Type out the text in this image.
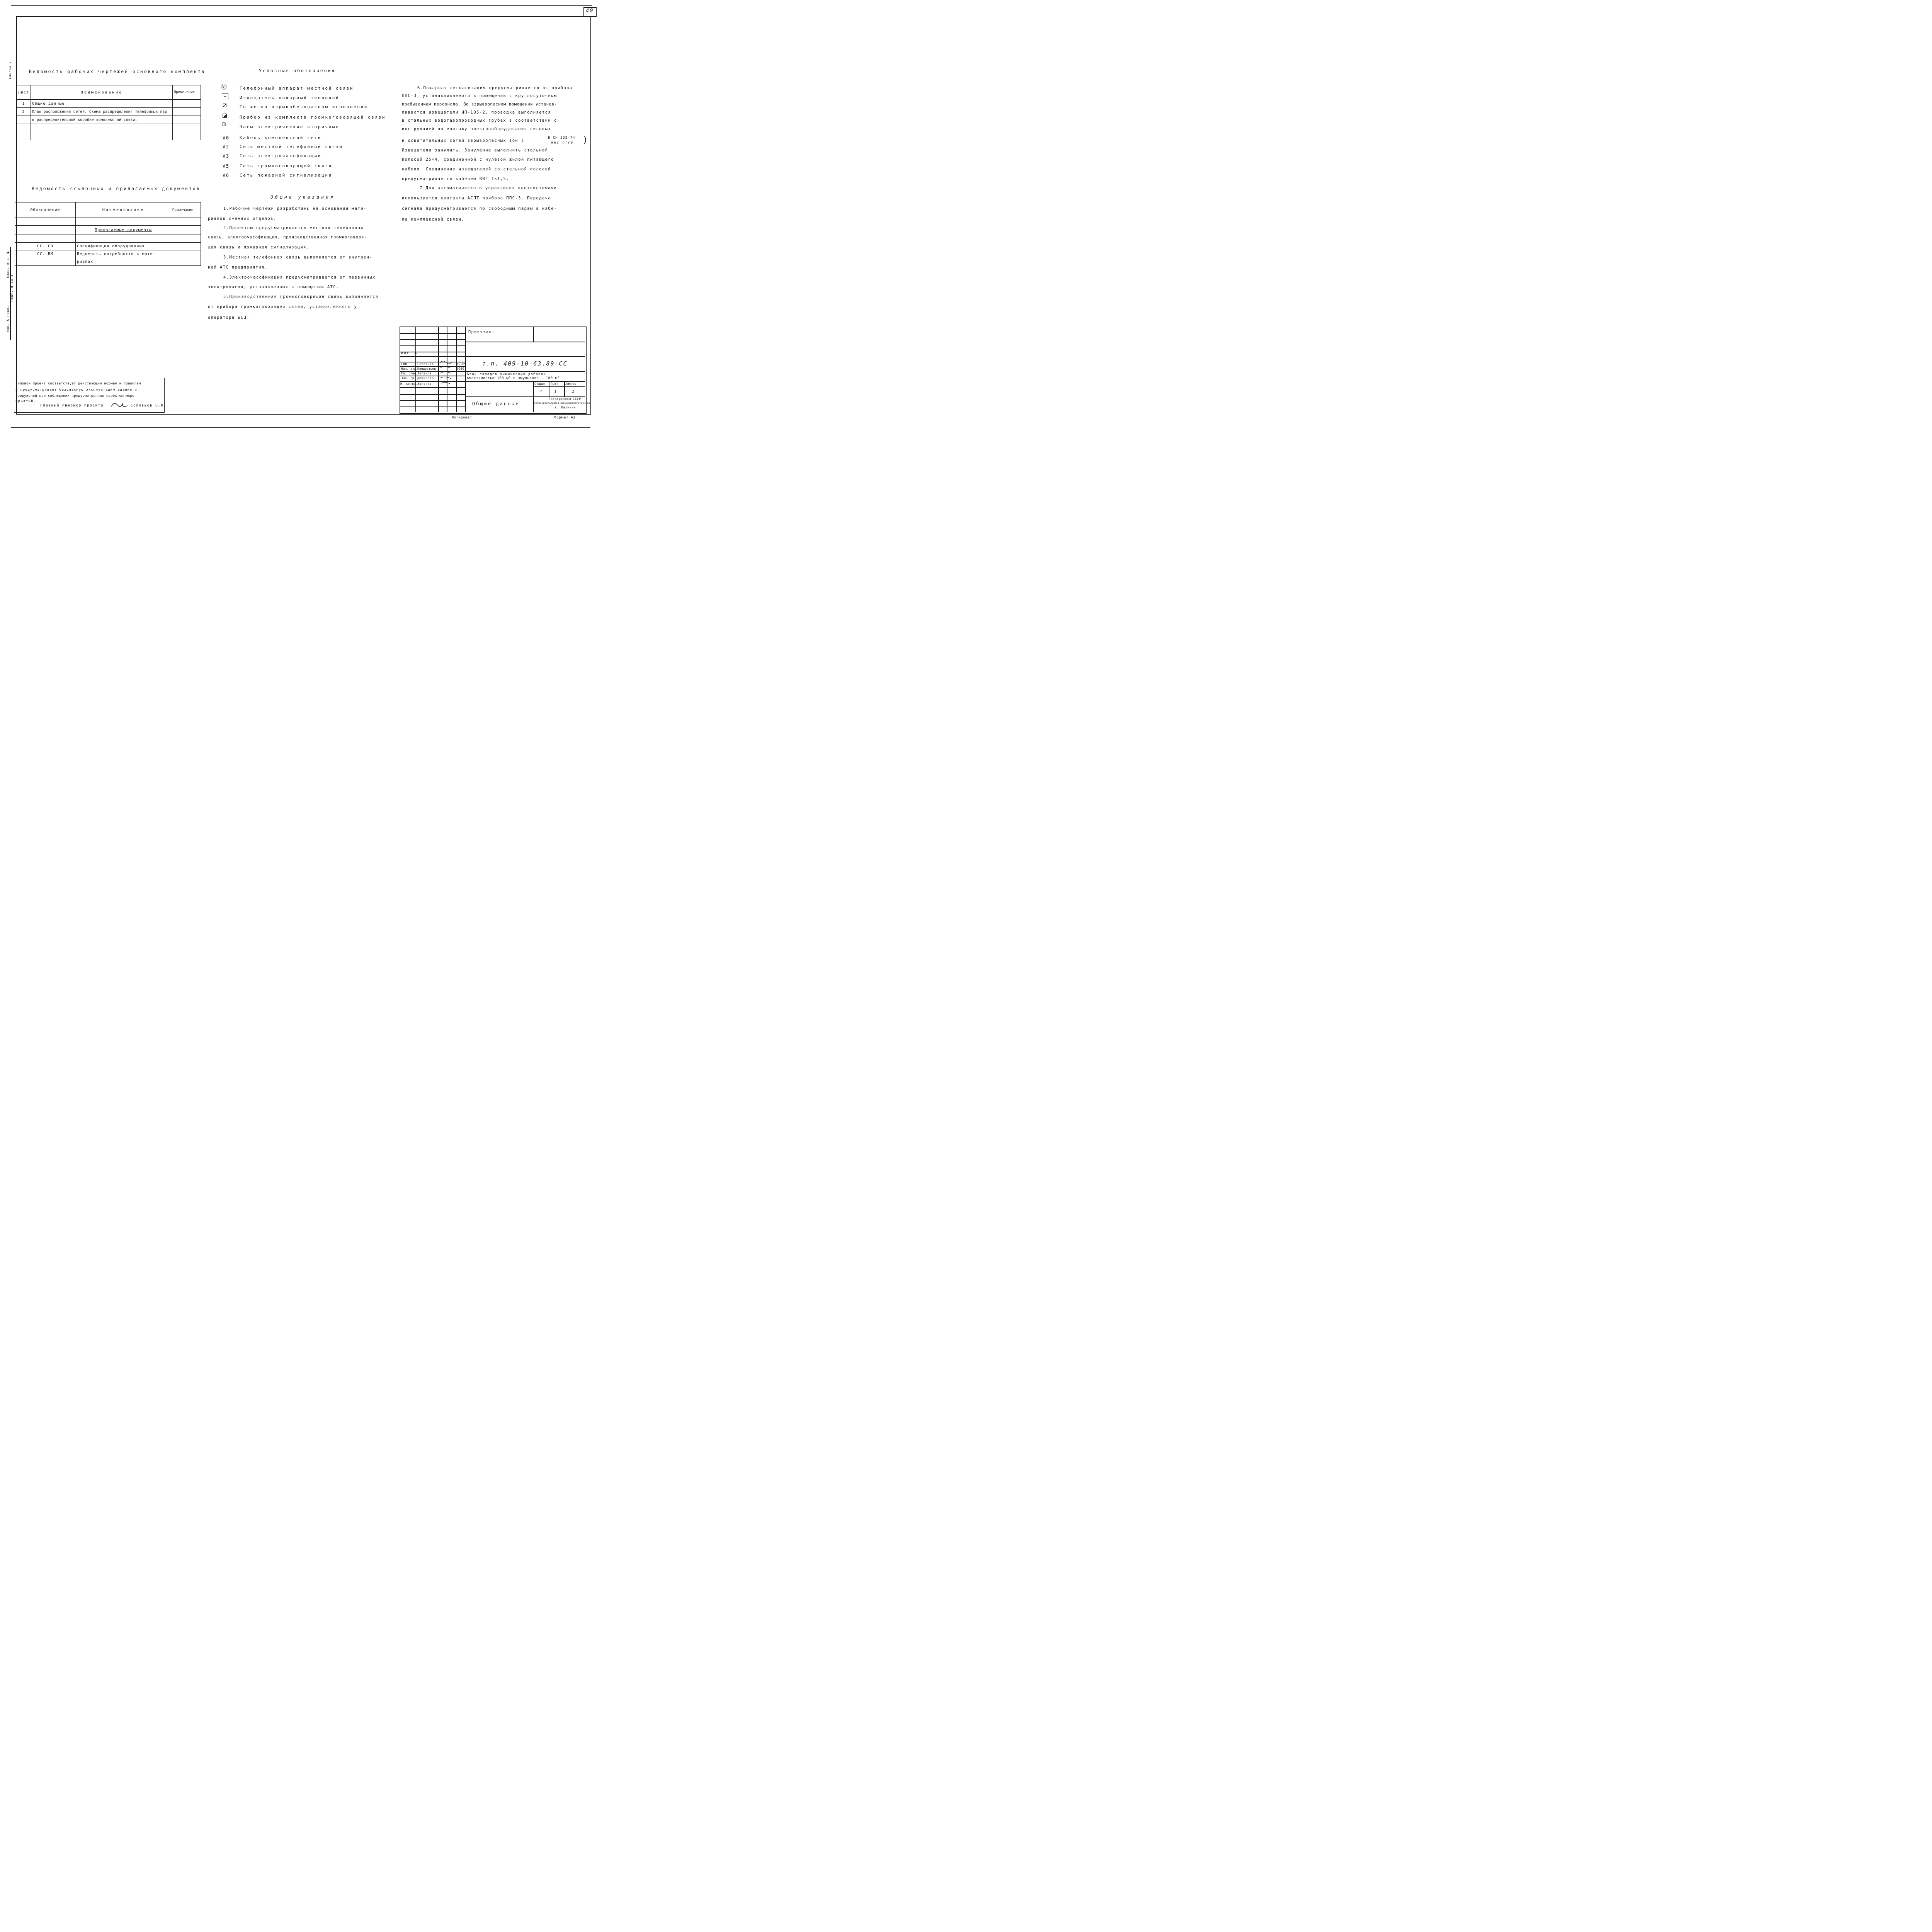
40
Альбом V
Инв. № подл.
Подп. и дата
Взам. инв. №
Ведомость рабочих чертежей основного комплекта
Лист	Наименование	Примечание
1	Общие данные	
2	План расположения сетей. Схема распределения телефонных пар	
	в распределительной коробке комплексной связи.	

Ведомость ссылочных и прилагаемых документов
Обозначение	Наименование	Примечание

	Прилагаемые документы	

СС. СО	Спецификация оборудования	
СС. ВМ	Ведомость потребности в мате-	
	риалах	
Условные обозначения
Ⓜ	Телефонный аппарат местной связи
+	Извещатель пожарный тепловой
⧄	То же во взрывобезопасном исполнении
◪	Прибор из комплекта громкоговорящей связи
◷	Часы электрические вторичные
V0 Кабель комплексной сети
V2 Сеть местной телефонной связи
V3 Сеть электрочасофикации
V5 Сеть громкоговорящей связи
V6 Сеть пожарной сигнализации
Общие указания
1.Рабочие чертежи разработаны на основании мате-
риалов смежных отделов.
2.Проектом предусматривается местная телефонная
связь, электрочасофикация, производственная громкоговоря-
щая связь и пожарная сигнализация.
3.Местная телефонная связь выполняется от внутрен-
ней АТС предприятия.
4.Электрочасофикация предусматривается от первичных
электрочасов, установленных в помещении АТС.
5.Производственная громкоговорящая связь выполняется
от прибора громкоговорящей связи, установленного у
оператора БСЦ.
6.Пожарная сигнализация предусматривается от прибора
ППС-3, устанавливаемого в помещении с круглосуточным
пребыванием персонала. Во взрывоопасном помещении устанав-
ливаются извещатели ИП-105-2, проводка выполняется
в стальных водогазопроводных трубах в соответствии с
инструкцией по монтажу электрооборудования силовых
и осветительных сетей взрывоопасных зон (
В СН 332-74
ММС СССР )
Извещатели занулить. Зануление выполнить стальной
полосой 25×4, соединенной с нулевой жилой питающего
кабеля. Соединение извещателей со стальной полосой
предусматривается кабелем ВВГ 1×1,5.
7.Для автоматического управления вентсистемами
используются контакты АСПТ прибора ППС-3. Передача
сигнала предусматривается по свободным парам в кабе-
ле комплексной связи.
Типовой проект соответствует действующим нормам и правилам
и предусматривает безопасную эксплуатацию зданий и
сооружений при соблюдении предусмотренных проектом меро-
приятий.
Главный инженер проекта	Соловьев О.Н.
Привязан:
Инв. №
т.п. 409-10-63.89-СС
12-89
0989
ГИП	Соловьев
Нач. отд.
Кондратьев
Гл. спец.
Зеленов
Зав. гр. Дюжикова
Н. контр. Зеленов
Блок складов химических добавок
вместимостью 180 м³ и эмульсола - 100 м³
Стадия Лист Листов
Р	1	2
Общие данные
Госагропром СССР
Гипронисельпром-Гипрокрайдзаготкомгаз
г. Калинин
Копировал	Формат А2
